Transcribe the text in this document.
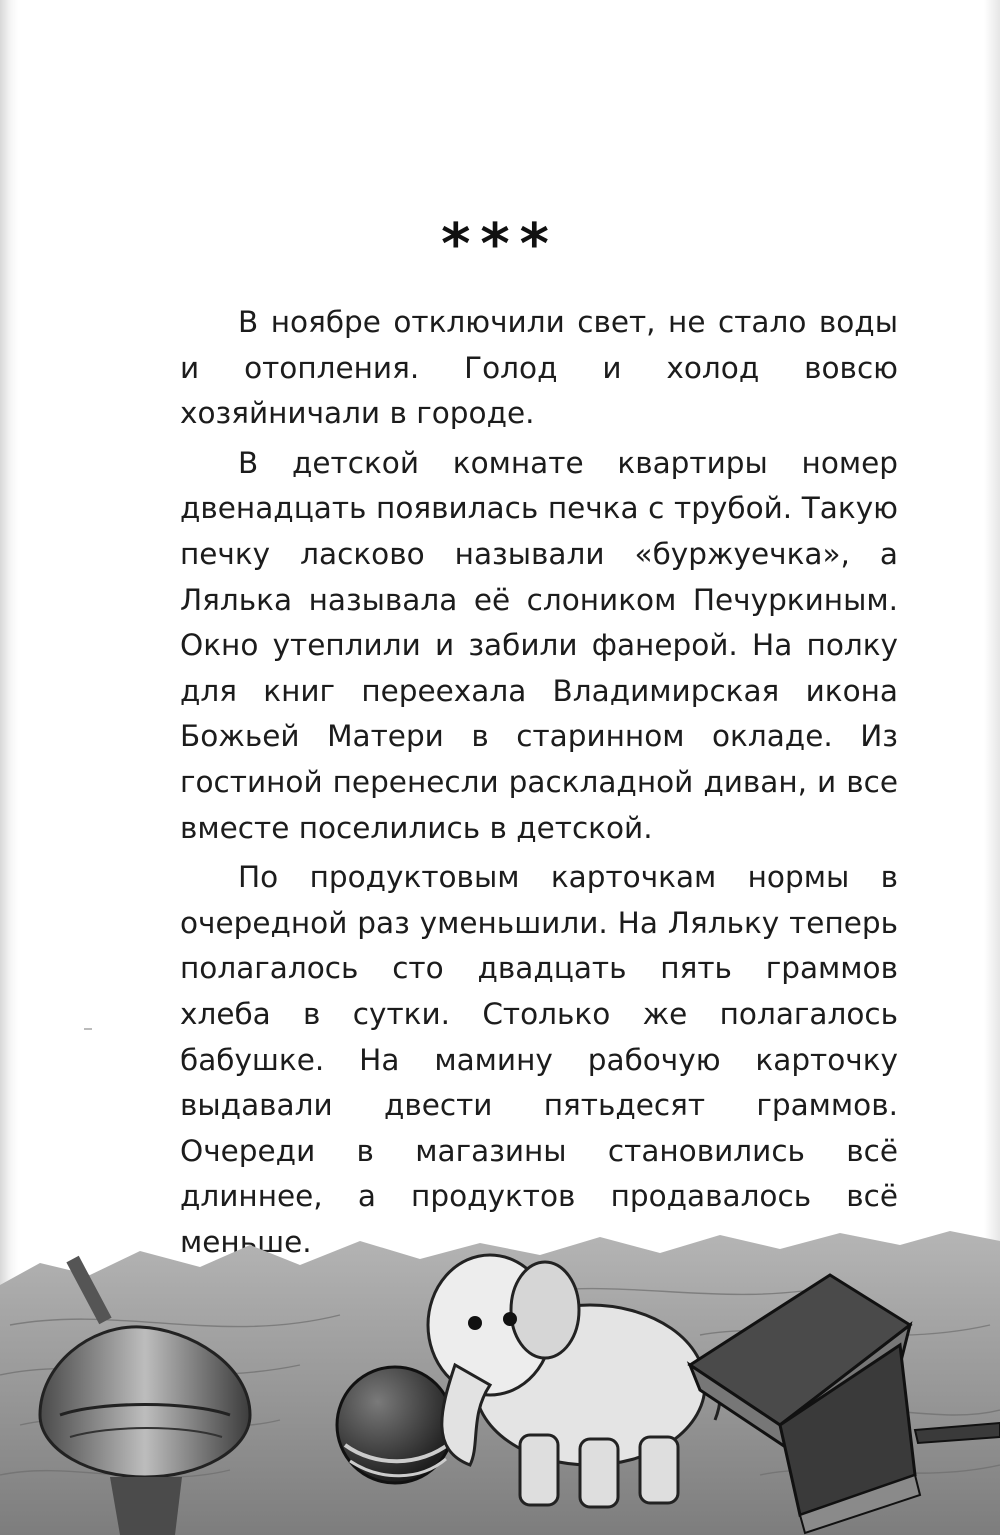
***

В ноябре отключили свет, не стало воды и отопления. Голод и холод вовсю хозяйничали в городе.

В детской комнате квартиры номер двенадцать появилась печка с трубой. Такую печку ласково называли «буржуечка», а Лялька называла её слоником Печуркиным. Окно утеплили и забили фанерой. На полку для книг переехала Владимирская икона Божьей Матери в старинном окладе. Из гостиной перенесли раскладной диван, и все вместе поселились в детской.

По продуктовым карточкам нормы в очередной раз уменьшили. На Ляльку теперь полагалось сто двадцать пять граммов хлеба в сутки. Столько же полагалось бабушке. На мамину рабочую карточку выдавали двести пятьдесят граммов. Очереди в магазины становились всё длиннее, а продуктов продавалось всё меньше.
